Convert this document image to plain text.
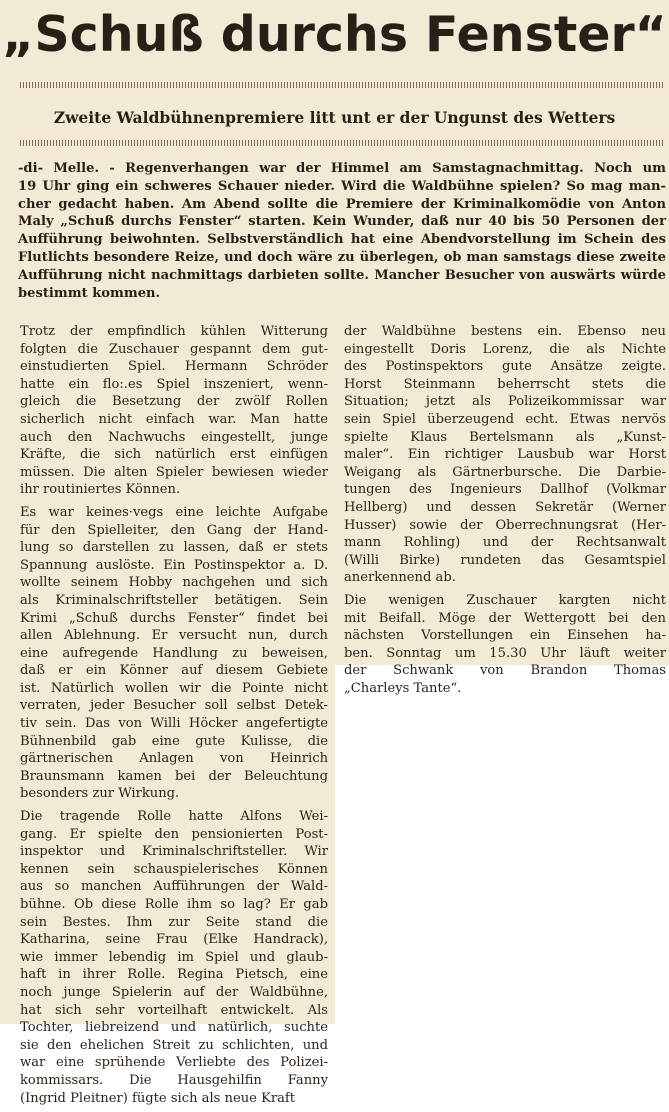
„Schuß durchs Fenster“
Zweite Waldbühnenpremiere litt unt er der Ungunst des Wetters
-di- Melle. - Regenverhangen war der Himmel am Samstagnachmittag. Noch um
19 Uhr ging ein schweres Schauer nieder. Wird die Waldbühne spielen? So mag man-
cher gedacht haben. Am Abend sollte die Premiere der Kriminalkomödie von Anton
Maly „Schuß durchs Fenster“ starten. Kein Wunder, daß nur 40 bis 50 Personen der
Aufführung beiwohnten. Selbstverständlich hat eine Abendvorstellung im Schein des
Flutlichts besondere Reize, und doch wäre zu überlegen, ob man samstags diese zweite
Aufführung nicht nachmittags darbieten sollte. Mancher Besucher von auswärts würde
bestimmt kommen.
Trotz der empfindlich kühlen Witterung
folgten die Zuschauer gespannt dem gut-
einstudierten Spiel. Hermann Schröder
hatte ein flo:.es Spiel inszeniert, wenn-
gleich die Besetzung der zwölf Rollen
sicherlich nicht einfach war. Man hatte
auch den Nachwuchs eingestellt, junge
Kräfte, die sich natürlich erst einfügen
müssen. Die alten Spieler bewiesen wieder
ihr routiniertes Können.
Es war keines·vegs eine leichte Aufgabe
für den Spielleiter, den Gang der Hand-
lung so darstellen zu lassen, daß er stets
Spannung auslöste. Ein Postinspektor a. D.
wollte seinem Hobby nachgehen und sich
als Kriminalschriftsteller betätigen. Sein
Krimi „Schuß durchs Fenster“ findet bei
allen Ablehnung. Er versucht nun, durch
eine aufregende Handlung zu beweisen,
daß er ein Könner auf diesem Gebiete
ist. Natürlich wollen wir die Pointe nicht
verraten, jeder Besucher soll selbst Detek-
tiv sein. Das von Willi Höcker angefertigte
Bühnenbild gab eine gute Kulisse, die
gärtnerischen Anlagen von Heinrich
Braunsmann kamen bei der Beleuchtung
besonders zur Wirkung.
Die tragende Rolle hatte Alfons Wei-
gang. Er spielte den pensionierten Post-
inspektor und Kriminalschriftsteller. Wir
kennen sein schauspielerisches Können
aus so manchen Aufführungen der Wald-
bühne. Ob diese Rolle ihm so lag? Er gab
sein Bestes. Ihm zur Seite stand die
Katharina, seine Frau (Elke Handrack),
wie immer lebendig im Spiel und glaub-
haft in ihrer Rolle. Regina Pietsch, eine
noch junge Spielerin auf der Waldbühne,
hat sich sehr vorteilhaft entwickelt. Als
Tochter, liebreizend und natürlich, suchte
sie den ehelichen Streit zu schlichten, und
war eine sprühende Verliebte des Polizei-
kommissars. Die Hausgehilfin Fanny
(Ingrid Pleitner) fügte sich als neue Kraft
der Waldbühne bestens ein. Ebenso neu
eingestellt Doris Lorenz, die als Nichte
des Postinspektors gute Ansätze zeigte.
Horst Steinmann beherrscht stets die
Situation; jetzt als Polizeikommissar war
sein Spiel überzeugend echt. Etwas nervös
spielte Klaus Bertelsmann als „Kunst-
maler“. Ein richtiger Lausbub war Horst
Weigang als Gärtnerbursche. Die Darbie-
tungen des Ingenieurs Dallhof (Volkmar
Hellberg) und dessen Sekretär (Werner
Husser) sowie der Oberrechnungsrat (Her-
mann Rohling) und der Rechtsanwalt
(Willi Birke) rundeten das Gesamtspiel
anerkennend ab.
Die wenigen Zuschauer kargten nicht
mit Beifall. Möge der Wettergott bei den
nächsten Vorstellungen ein Einsehen ha-
ben. Sonntag um 15.30 Uhr läuft weiter
der Schwank von Brandon Thomas
„Charleys Tante“.
